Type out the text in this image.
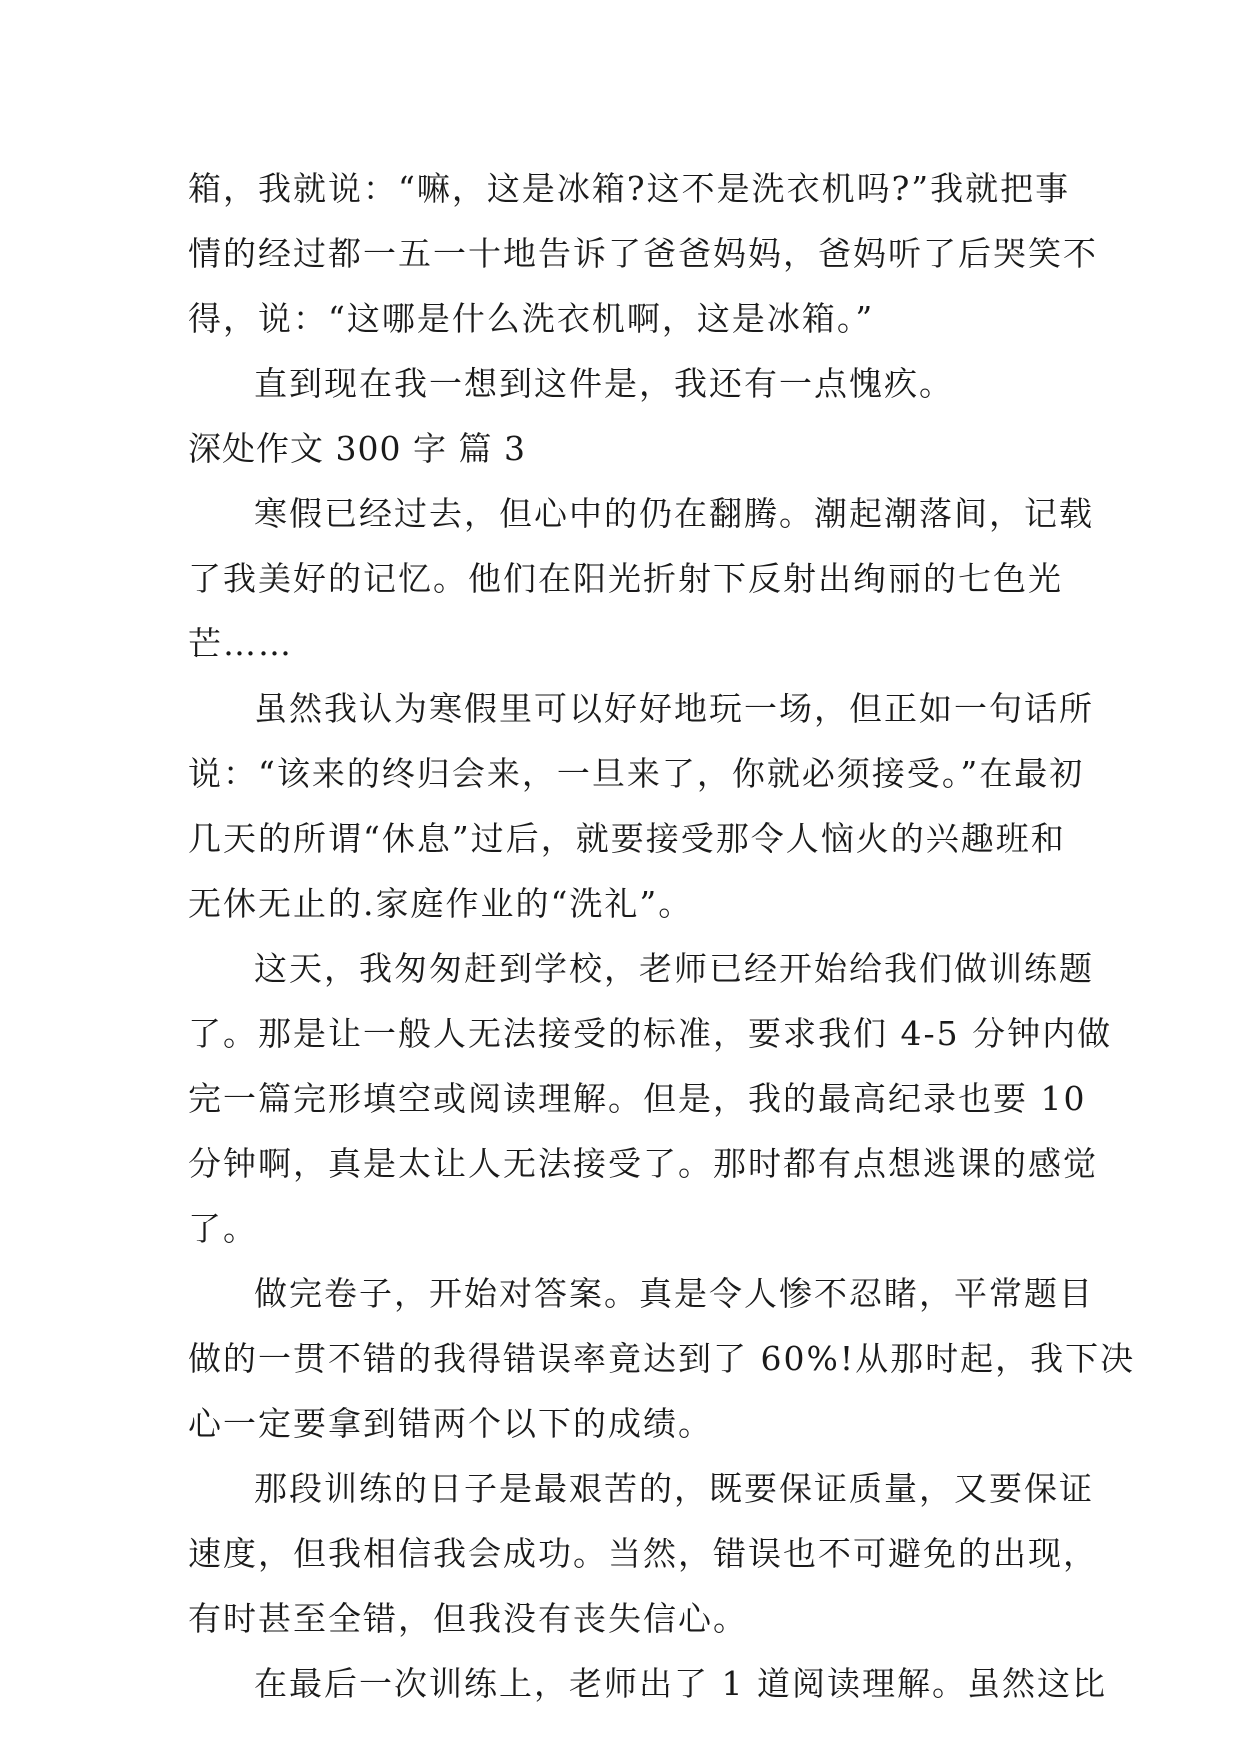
箱，我就说：“嘛，这是冰箱?这不是洗衣机吗?”我就把事
情的经过都一五一十地告诉了爸爸妈妈，爸妈听了后哭笑不
得，说：“这哪是什么洗衣机啊，这是冰箱。”
直到现在我一想到这件是，我还有一点愧疚。
深处作文 300 字 篇 3
寒假已经过去，但心中的仍在翻腾。潮起潮落间，记载
了我美好的记忆。他们在阳光折射下反射出绚丽的七色光
芒……
虽然我认为寒假里可以好好地玩一场，但正如一句话所
说：“该来的终归会来，一旦来了，你就必须接受。”在最初
几天的所谓“休息”过后，就要接受那令人恼火的兴趣班和
无休无止的.家庭作业的“洗礼”。
这天，我匆匆赶到学校，老师已经开始给我们做训练题
了。那是让一般人无法接受的标准，要求我们 4-5 分钟内做
完一篇完形填空或阅读理解。但是，我的最高纪录也要 10
分钟啊，真是太让人无法接受了。那时都有点想逃课的感觉
了。
做完卷子，开始对答案。真是令人惨不忍睹，平常题目
做的一贯不错的我得错误率竟达到了 60%!从那时起，我下决
心一定要拿到错两个以下的成绩。
那段训练的日子是最艰苦的，既要保证质量，又要保证
速度，但我相信我会成功。当然，错误也不可避免的出现，
有时甚至全错，但我没有丧失信心。
在最后一次训练上，老师出了 1 道阅读理解。虽然这比
